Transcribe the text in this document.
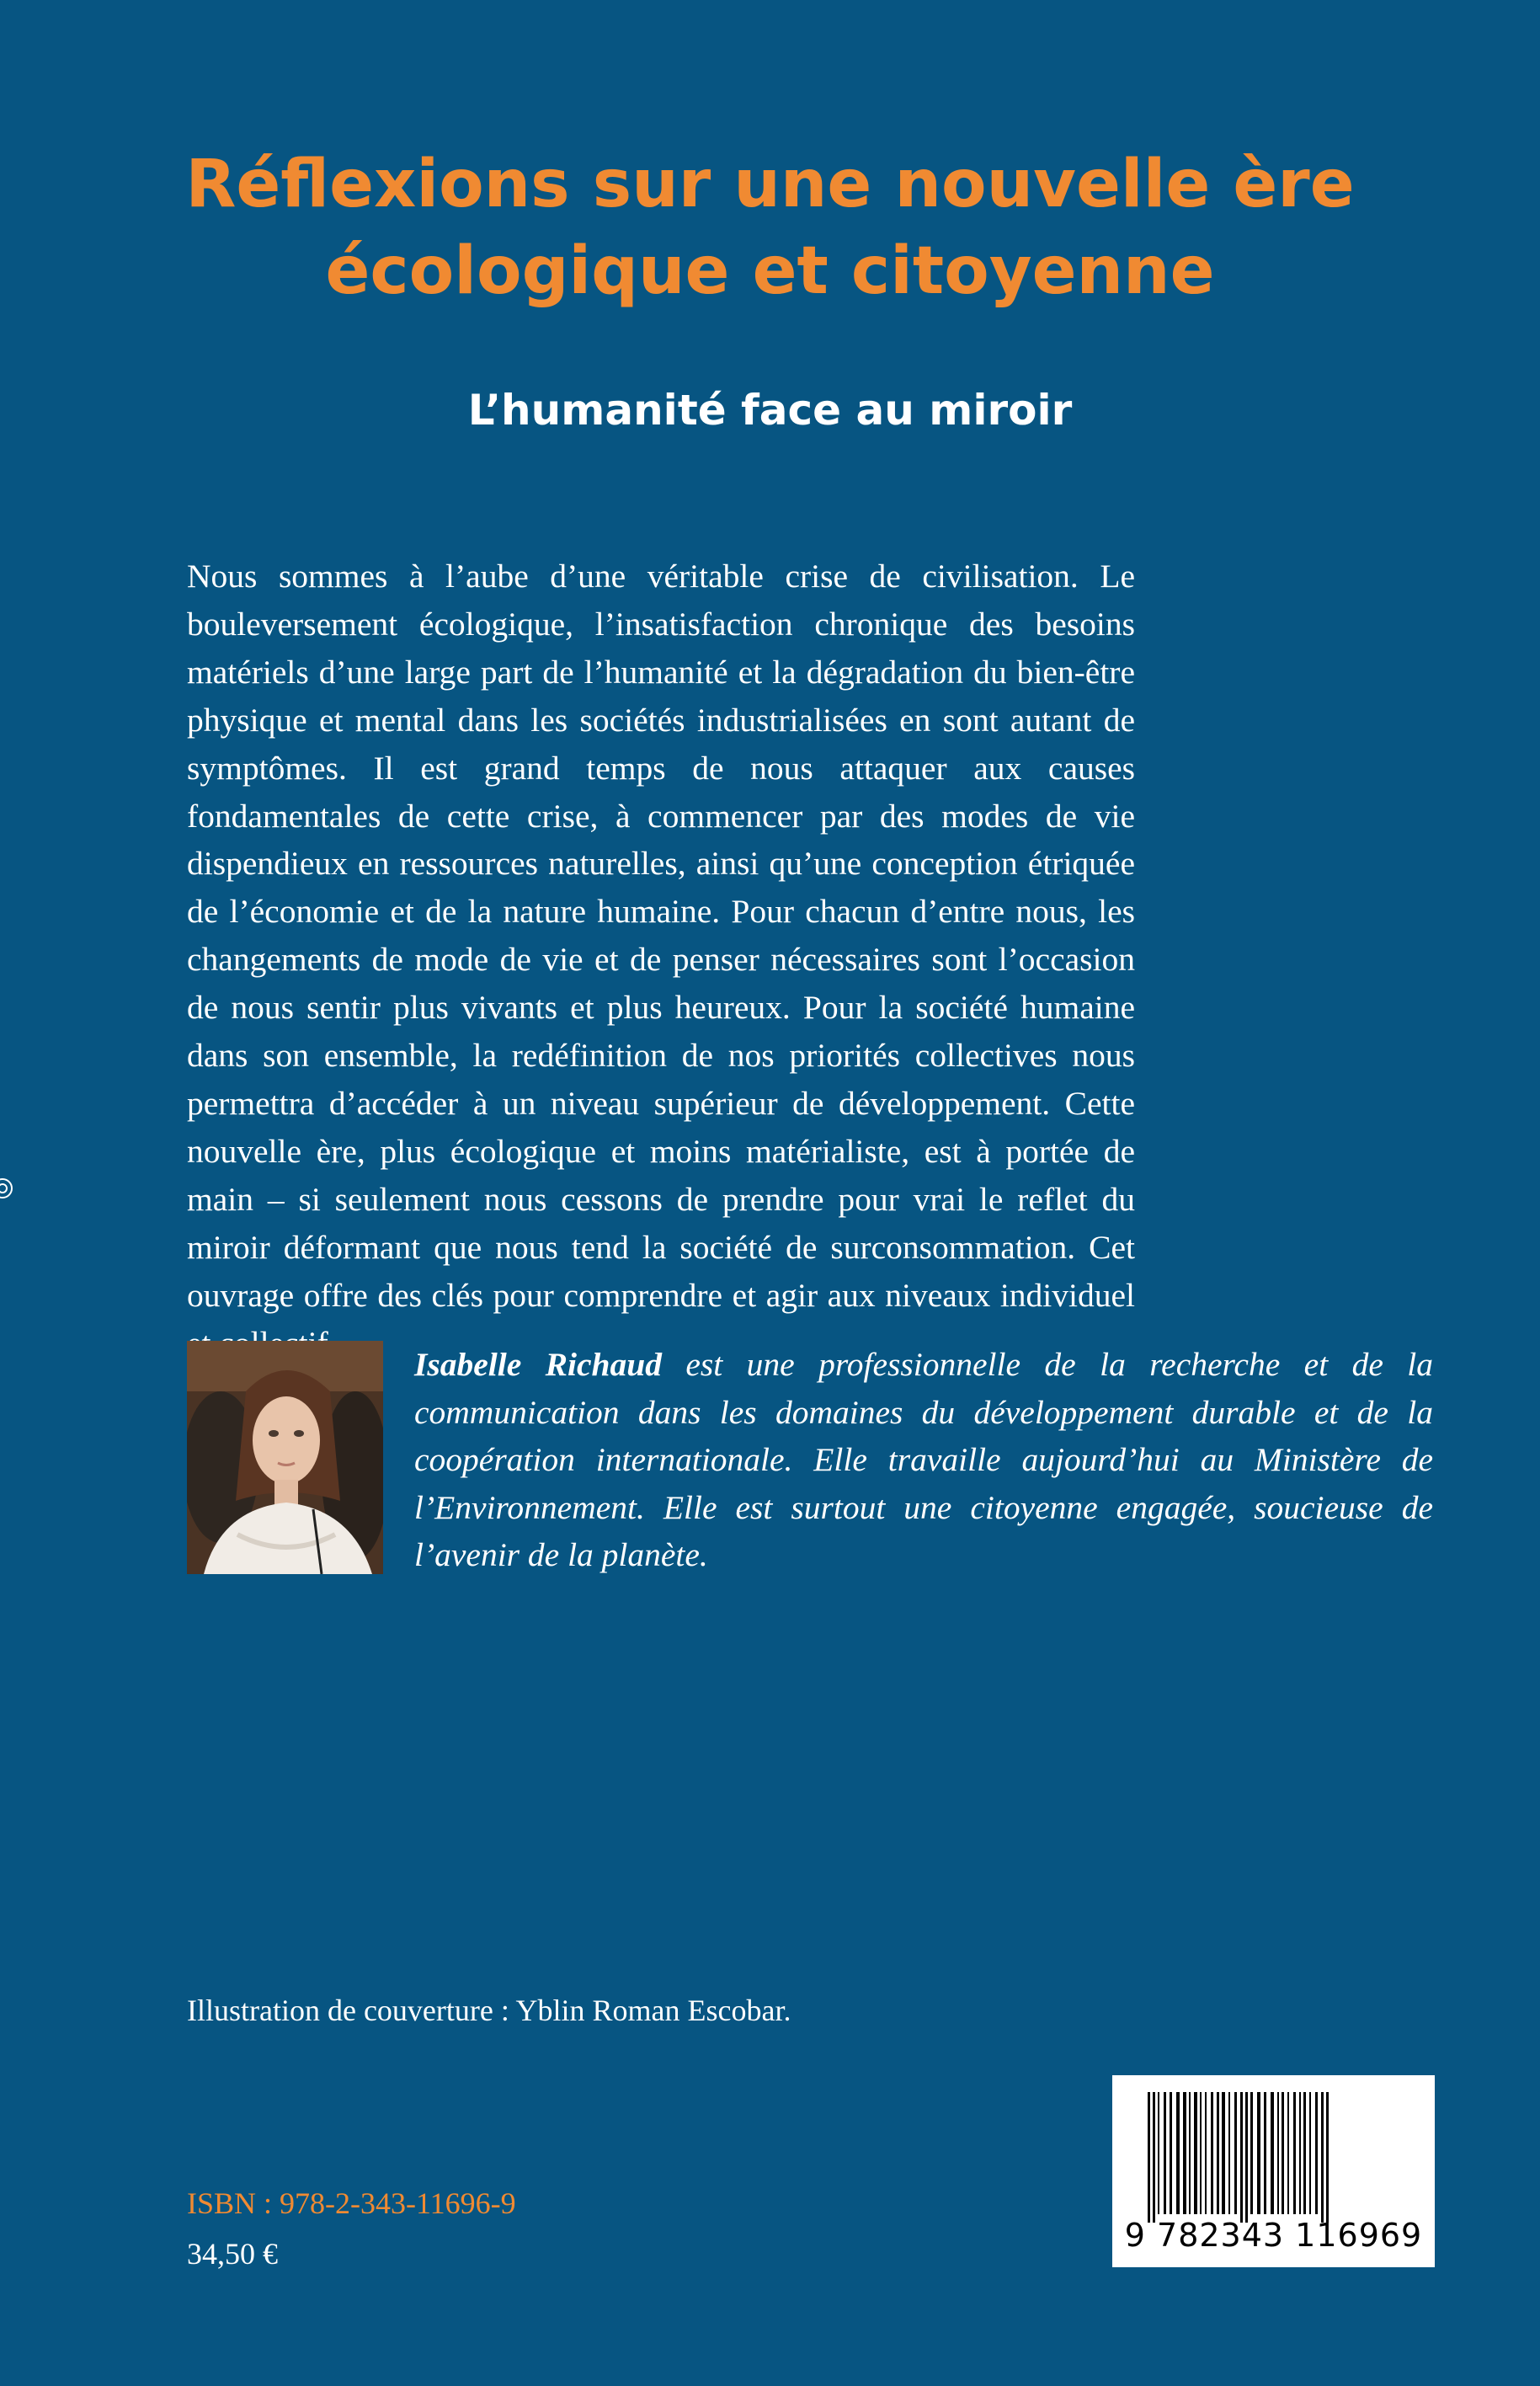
Réflexions sur une nouvelle ère
écologique et citoyenne
L’humanité face au miroir

Nous sommes à l’aube d’une véritable crise de civilisation. Le bouleversement écologique, l’insatisfaction chronique des besoins matériels d’une large part de l’humanité et la dégradation du bien-être physique et mental dans les sociétés industrialisées en sont autant de symptômes. Il est grand temps de nous attaquer aux causes fondamentales de cette crise, à commencer par des modes de vie dispendieux en ressources naturelles, ainsi qu’une conception étriquée de l’économie et de la nature humaine. Pour chacun d’entre nous, les changements de mode de vie et de penser nécessaires sont l’occasion de nous sentir plus vivants et plus heureux. Pour la société humaine dans son ensemble, la redéfinition de nos priorités collectives nous permettra d’accéder à un niveau supérieur de développement. Cette nouvelle ère, plus écologique et moins matérialiste, est à portée de main – si seulement nous cessons de prendre pour vrai le reflet du miroir déformant que nous tend la société de surconsommation. Cet ouvrage offre des clés pour comprendre et agir aux niveaux individuel

Isabelle Richaud est une professionnelle de la recherche et de la communication dans les domaines du développement durable et de la coopération internationale. Elle travaille aujourd’hui au Ministère de l’Environnement. Elle est surtout une citoyenne engagée, soucieuse de l’avenir de la planète.

Illustration de couverture : Yblin Roman Escobar.
ISBN : 978-2-343-11696-9
34,50 €	9 782343 116969
